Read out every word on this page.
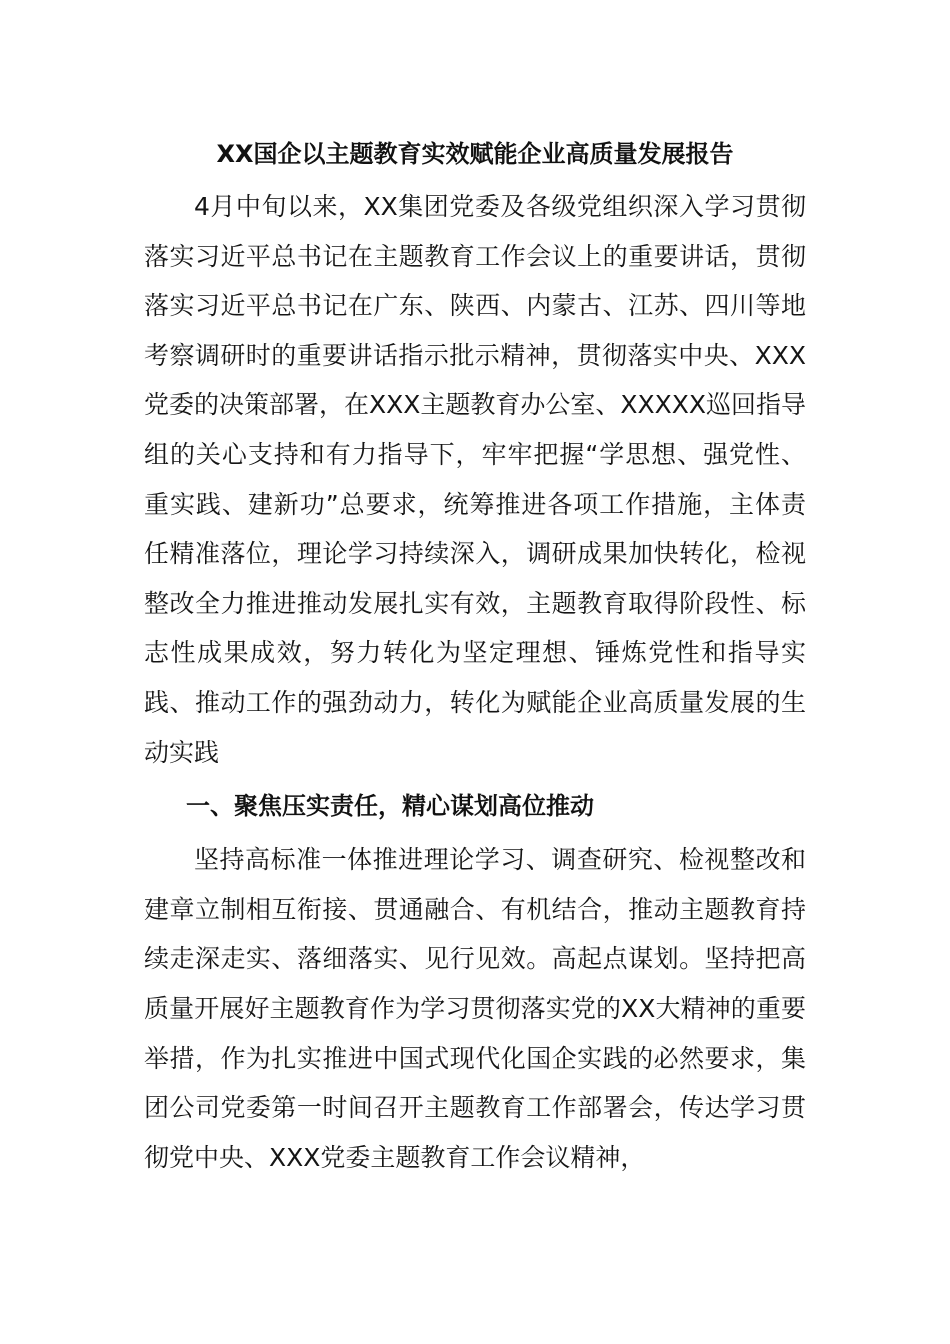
XX国企以主题教育实效赋能企业高质量发展报告

4月中旬以来，XX集团党委及各级党组织深入学习贯彻落实习近平总书记在主题教育工作会议上的重要讲话，贯彻落实习近平总书记在广东、陕西、内蒙古、江苏、四川等地考察调研时的重要讲话指示批示精神，贯彻落实中央、XXX党委的决策部署，在XXX主题教育办公室、XXXXX巡回指导组的关心支持和有力指导下，牢牢把握“学思想、强党性、重实践、建新功”总要求，统筹推进各项工作措施，主体责任精准落位，理论学习持续深入，调研成果加快转化，检视整改全力推进推动发展扎实有效，主题教育取得阶段性、标志性成果成效，努力转化为坚定理想、锤炼党性和指导实践、推动工作的强劲动力，转化为赋能企业高质量发展的生动实践

一、聚焦压实责任，精心谋划高位推动

坚持高标准一体推进理论学习、调查研究、检视整改和建章立制相互衔接、贯通融合、有机结合，推动主题教育持续走深走实、落细落实、见行见效。高起点谋划。坚持把高质量开展好主题教育作为学习贯彻落实党的XX大精神的重要举措，作为扎实推进中国式现代化国企实践的必然要求，集团公司党委第一时间召开主题教育工作部署会，传达学习贯彻党中央、XXX党委主题教育工作会议精神，
